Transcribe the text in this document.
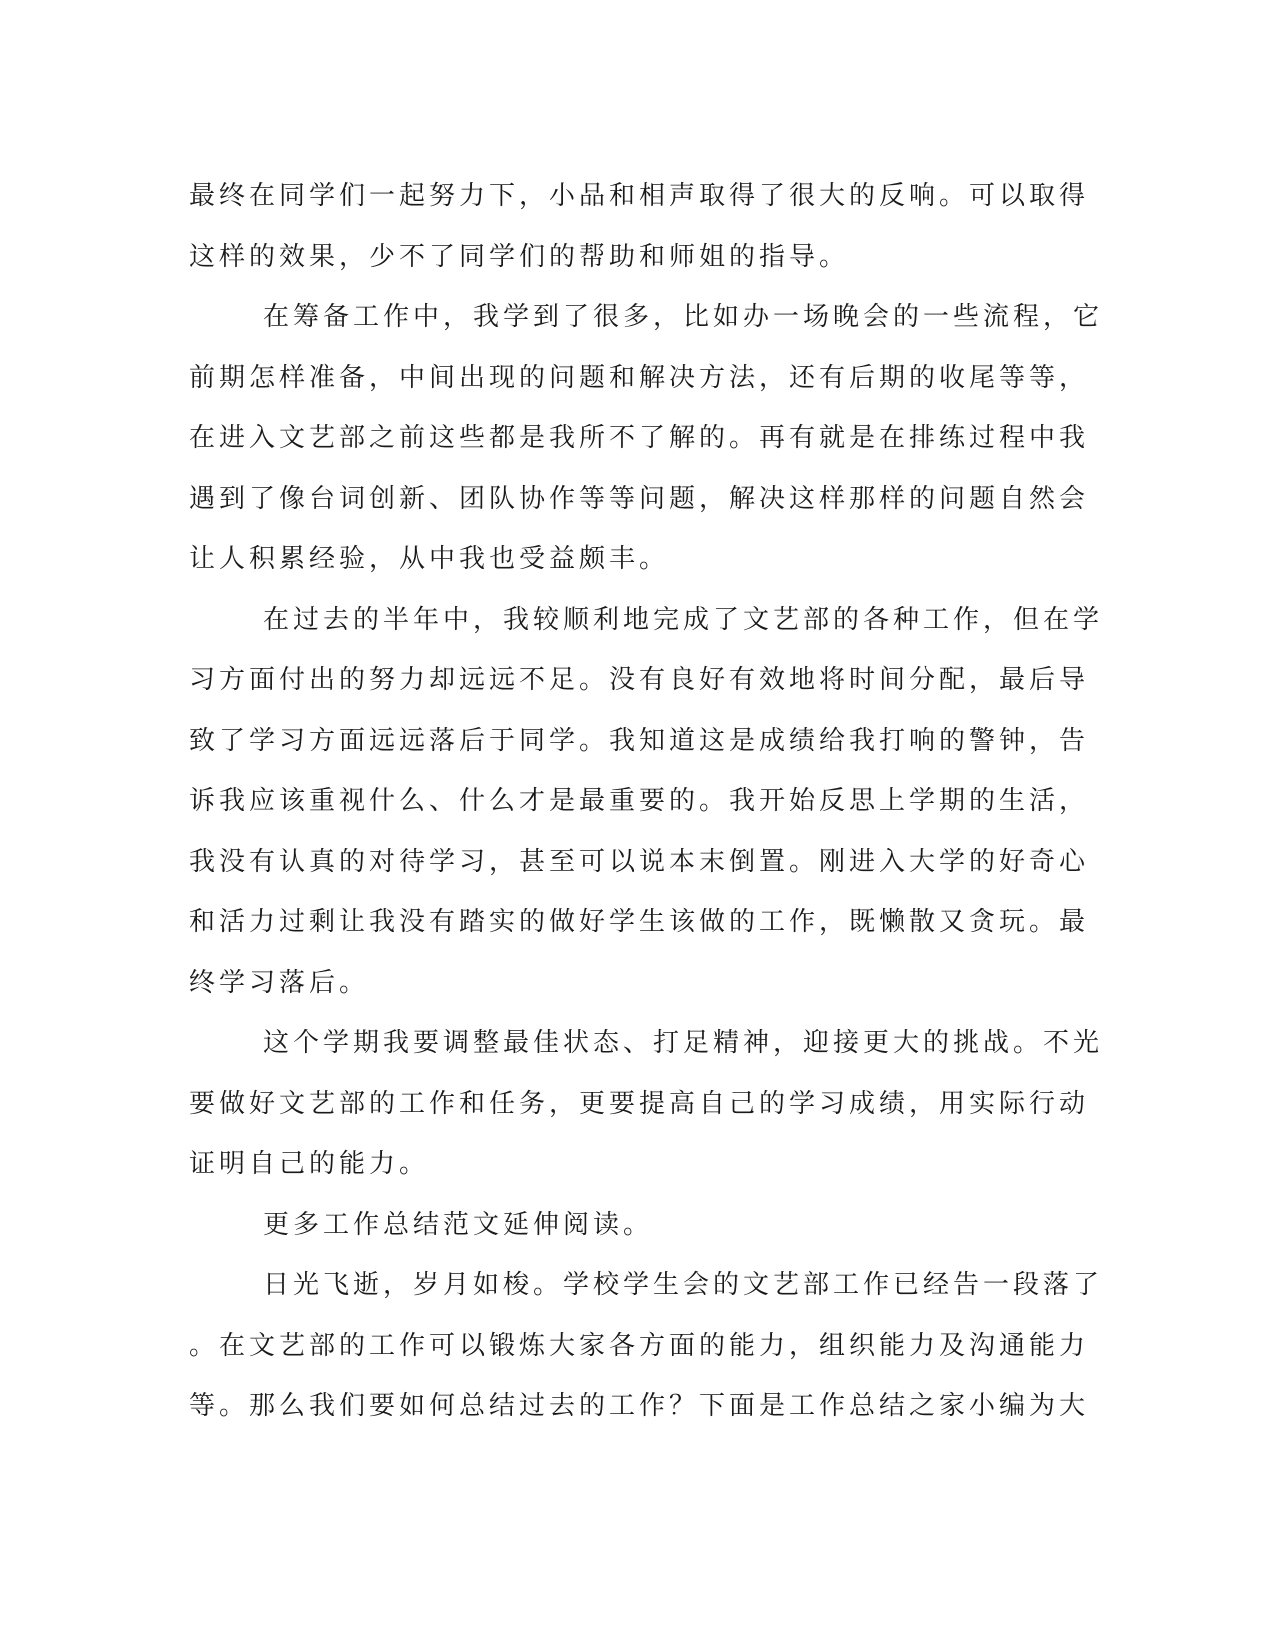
最终在同学们一起努力下，小品和相声取得了很大的反响。可以取得
这样的效果，少不了同学们的帮助和师姐的指导。
在筹备工作中，我学到了很多，比如办一场晚会的一些流程，它
前期怎样准备，中间出现的问题和解决方法，还有后期的收尾等等，
在进入文艺部之前这些都是我所不了解的。再有就是在排练过程中我
遇到了像台词创新、团队协作等等问题，解决这样那样的问题自然会
让人积累经验，从中我也受益颇丰。
在过去的半年中，我较顺利地完成了文艺部的各种工作，但在学
习方面付出的努力却远远不足。没有良好有效地将时间分配，最后导
致了学习方面远远落后于同学。我知道这是成绩给我打响的警钟，告
诉我应该重视什么、什么才是最重要的。我开始反思上学期的生活，
我没有认真的对待学习，甚至可以说本末倒置。刚进入大学的好奇心
和活力过剩让我没有踏实的做好学生该做的工作，既懒散又贪玩。最
终学习落后。
这个学期我要调整最佳状态、打足精神，迎接更大的挑战。不光
要做好文艺部的工作和任务，更要提高自己的学习成绩，用实际行动
证明自己的能力。
更多工作总结范文延伸阅读。
日光飞逝，岁月如梭。学校学生会的文艺部工作已经告一段落了
。在文艺部的工作可以锻炼大家各方面的能力，组织能力及沟通能力
等。那么我们要如何总结过去的工作？下面是工作总结之家小编为大
